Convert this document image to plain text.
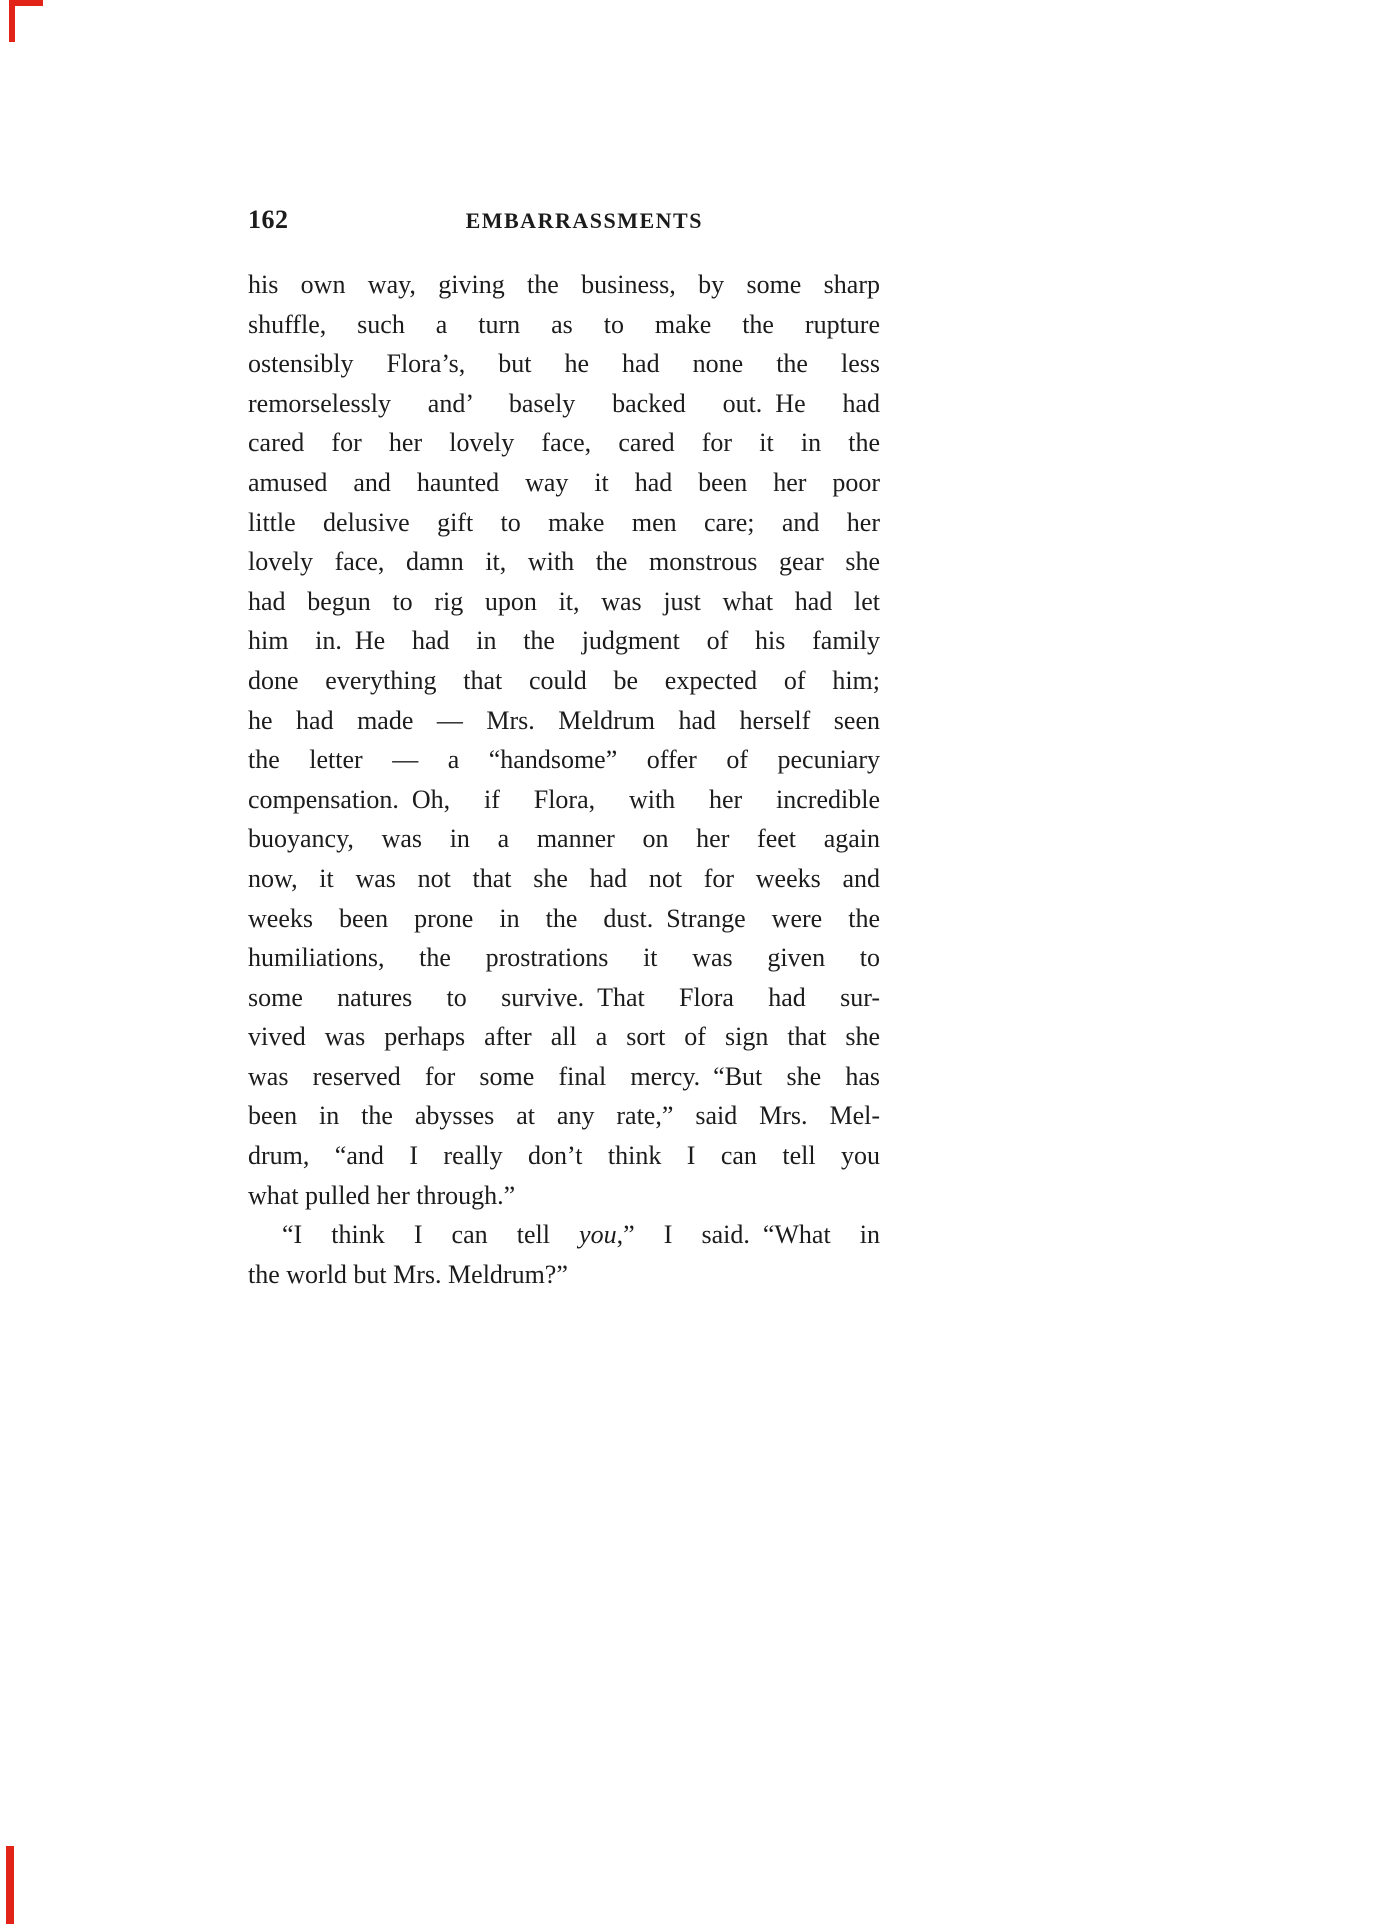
162	EMBARRASSMENTS
his own way, giving the business, by some sharp
shuffle, such a turn as to make the rupture
ostensibly Flora’s, but he had none the less
remorselessly and’ basely backed out. He had
cared for her lovely face, cared for it in the
amused and haunted way it had been her poor
little delusive gift to make men care; and her
lovely face, damn it, with the monstrous gear she
had begun to rig upon it, was just what had let
him in. He had in the judgment of his family
done everything that could be expected of him;
he had made — Mrs. Meldrum had herself seen
the letter — a “handsome” offer of pecuniary
compensation. Oh, if Flora, with her incredible
buoyancy, was in a manner on her feet again
now, it was not that she had not for weeks and
weeks been prone in the dust. Strange were the
humiliations, the prostrations it was given to
some natures to survive. That Flora had sur-
vived was perhaps after all a sort of sign that she
was reserved for some final mercy. “But she has
been in the abysses at any rate,” said Mrs. Mel-
drum, “and I really don’t think I can tell you
what pulled her through.”
“I think I can tell you,” I said. “What in
the world but Mrs. Meldrum?”
